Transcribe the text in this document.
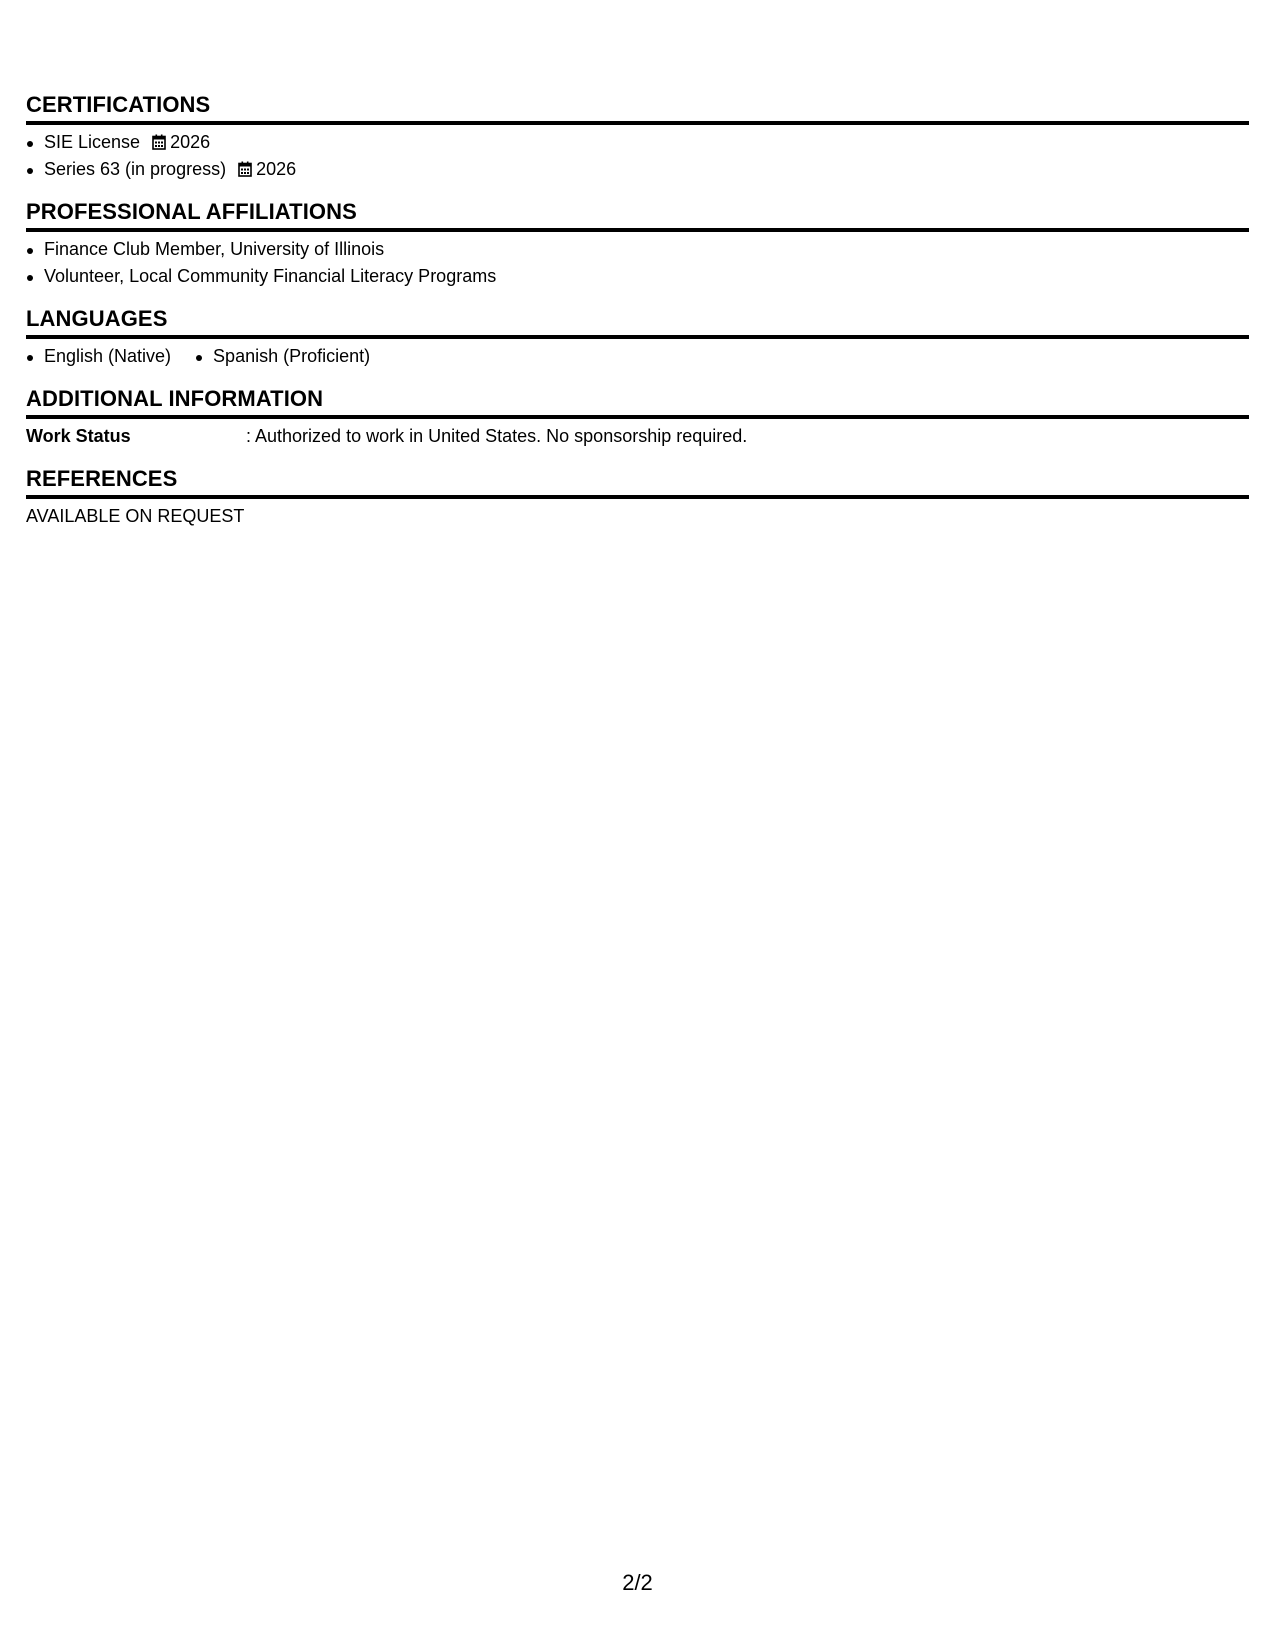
CERTIFICATIONS
SIE License 2026
Series 63 (in progress) 2026
PROFESSIONAL AFFILIATIONS
Finance Club Member, University of Illinois
Volunteer, Local Community Financial Literacy Programs
LANGUAGES
English (Native) Spanish (Proficient)
ADDITIONAL INFORMATION
Work Status	: Authorized to work in United States. No sponsorship required.
REFERENCES
AVAILABLE ON REQUEST
2/2
